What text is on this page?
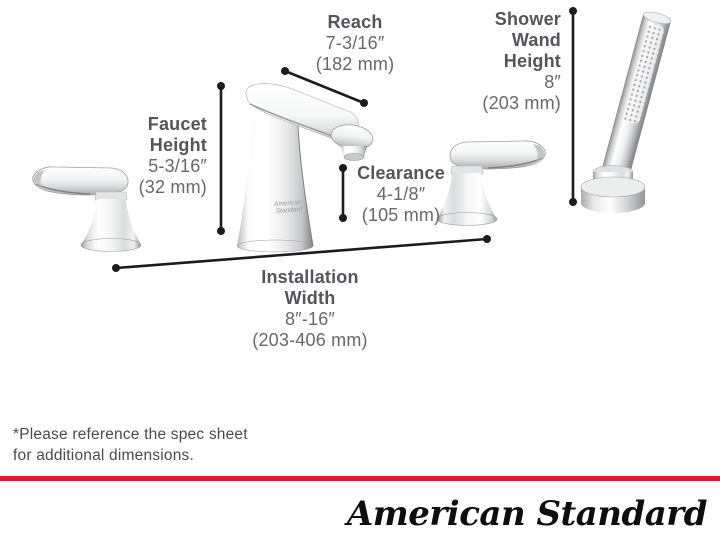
American
Standard
Reach
7-3/16″
(182 mm)
Shower
Wand
Height
8″
(203 mm)
Faucet
Height
5-3/16″
(32 mm)
Clearance
4-1/8″
(105 mm)
Installation
Width
8″-16″
(203-406 mm)
*Please reference the spec sheet
for additional dimensions.
American Standard
